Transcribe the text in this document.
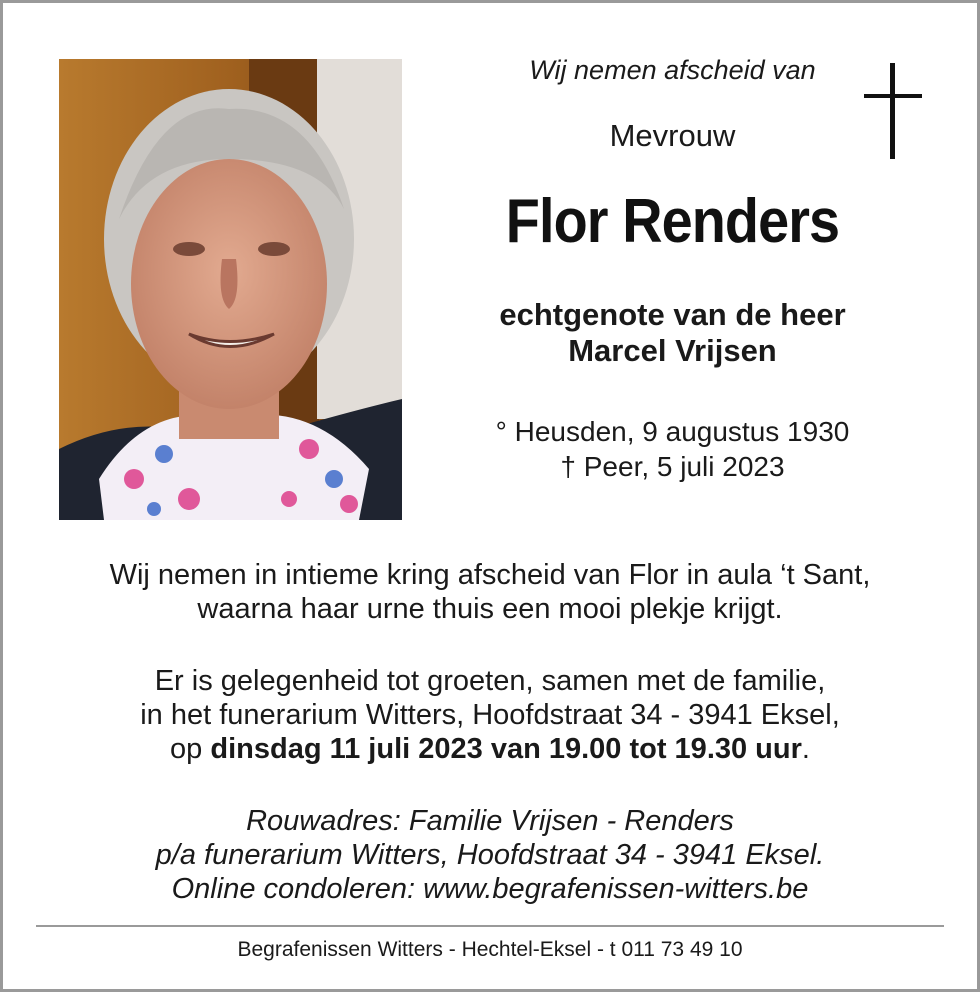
Wij nemen afscheid van
Mevrouw
Flor Renders
echtgenote van de heer
Marcel Vrijsen
° Heusden, 9 augustus 1930
† Peer, 5 juli 2023
Wij nemen in intieme kring afscheid van Flor in aula ‘t Sant,
waarna haar urne thuis een mooi plekje krijgt.
Er is gelegenheid tot groeten, samen met de familie,
in het funerarium Witters, Hoofdstraat 34 - 3941 Eksel,
op dinsdag 11 juli 2023 van 19.00 tot 19.30 uur.
Rouwadres: Familie Vrijsen - Renders
p/a funerarium Witters, Hoofdstraat 34 - 3941 Eksel.
Online condoleren: www.begrafenissen-witters.be
Begrafenissen Witters - Hechtel-Eksel - t 011 73 49 10
